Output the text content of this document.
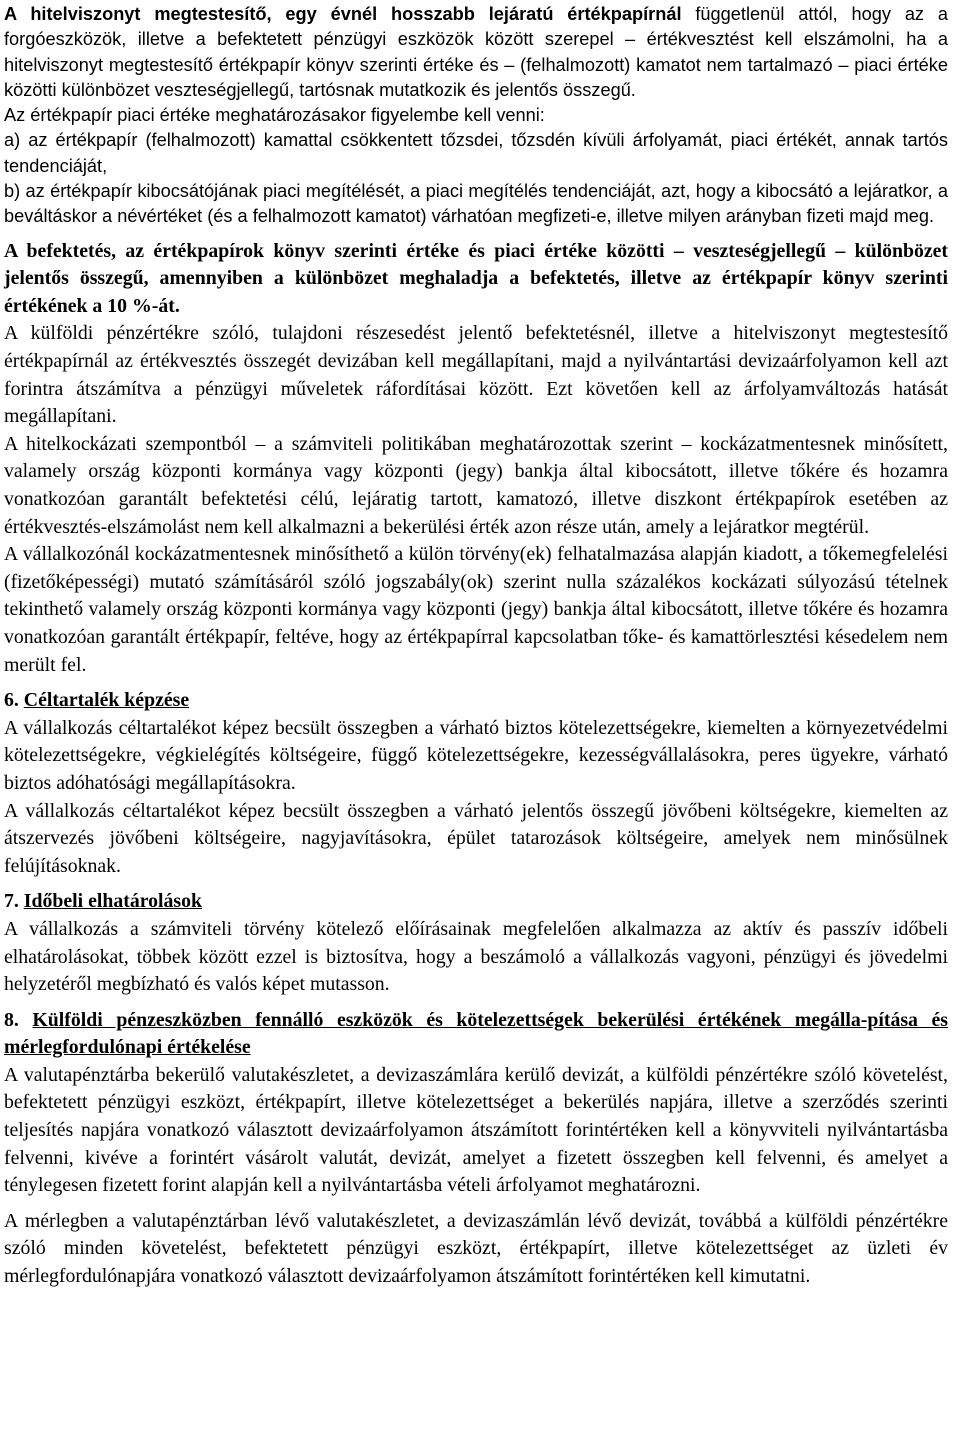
A hitelviszonyt megtestesítő, egy évnél hosszabb lejáratú értékpapírnál függetlenül attól, hogy az a forgóeszközök, illetve a befektetett pénzügyi eszközök között szerepel – értékvesztést kell elszámolni, ha a hitelviszonyt megtestesítő értékpapír könyv szerinti értéke és – (felhalmozott) kamatot nem tartalmazó – piaci értéke közötti különbözet veszteségjellegű, tartósnak mutatkozik és jelentős összegű.

Az értékpapír piaci értéke meghatározásakor figyelembe kell venni:

a) az értékpapír (felhalmozott) kamattal csökkentett tőzsdei, tőzsdén kívüli árfolyamát, piaci értékét, annak tartós tendenciáját,

b) az értékpapír kibocsátójának piaci megítélését, a piaci megítélés tendenciáját, azt, hogy a kibocsátó a lejáratkor, a beváltáskor a névértéket (és a felhalmozott kamatot) várhatóan megfizeti-e, illetve milyen arányban fizeti majd meg.

A befektetés, az értékpapírok könyv szerinti értéke és piaci értéke közötti – veszteségjellegű – különbözet jelentős összegű, amennyiben a különbözet meghaladja a befektetés, illetve az értékpapír könyv szerinti értékének a 10 %-át.

A külföldi pénzértékre szóló, tulajdoni részesedést jelentő befektetésnél, illetve a hitelviszonyt megtestesítő értékpapírnál az értékvesztés összegét devizában kell megállapítani, majd a nyilvántartási devizaárfolyamon kell azt forintra átszámítva a pénzügyi műveletek ráfordításai között. Ezt követően kell az árfolyamváltozás hatását megállapítani.

A hitelkockázati szempontból – a számviteli politikában meghatározottak szerint – kockázatmentesnek minősített, valamely ország központi kormánya vagy központi (jegy) bankja által kibocsátott, illetve tőkére és hozamra vonatkozóan garantált befektetési célú, lejáratig tartott, kamatozó, illetve diszkont értékpapírok esetében az értékvesztés-elszámolást nem kell alkalmazni a bekerülési érték azon része után, amely a lejáratkor megtérül.

A vállalkozónál kockázatmentesnek minősíthető a külön törvény(ek) felhatalmazása alapján kiadott, a tőkemegfelelési (fizetőképességi) mutató számításáról szóló jogszabály(ok) szerint nulla százalékos kockázati súlyozású tételnek tekinthető valamely ország központi kormánya vagy központi (jegy) bankja által kibocsátott, illetve tőkére és hozamra vonatkozóan garantált értékpapír, feltéve, hogy az értékpapírral kapcsolatban tőke- és kamattörlesztési késedelem nem merült fel.

6. Céltartalék képzése

A vállalkozás céltartalékot képez becsült összegben a várható biztos kötelezettségekre, kiemelten a környezetvédelmi kötelezettségekre, végkielégítés költségeire, függő kötelezettségekre, kezességvállalásokra, peres ügyekre, várható biztos adóhatósági megállapításokra.

A vállalkozás céltartalékot képez becsült összegben a várható jelentős összegű jövőbeni költségekre, kiemelten az átszervezés jövőbeni költségeire, nagyjavításokra, épület tatarozások költségeire, amelyek nem minősülnek felújításoknak.

7. Időbeli elhatárolások

A vállalkozás a számviteli törvény kötelező előírásainak megfelelően alkalmazza az aktív és passzív időbeli elhatárolásokat, többek között ezzel is biztosítva, hogy a beszámoló a vállalkozás vagyoni, pénzügyi és jövedelmi helyzetéről megbízható és valós képet mutasson.

8. Külföldi pénzeszközben fennálló eszközök és kötelezettségek bekerülési értékének megálla-pítása és mérlegfordulónapi értékelése

A valutapénztárba bekerülő valutakészletet, a devizaszámlára kerülő devizát, a külföldi pénzértékre szóló követelést, befektetett pénzügyi eszközt, értékpapírt, illetve kötelezettséget a bekerülés napjára, illetve a szerződés szerinti teljesítés napjára vonatkozó választott devizaárfolyamon átszámított forintértéken kell a könyvviteli nyilvántartásba felvenni, kivéve a forintért vásárolt valutát, devizát, amelyet a fizetett összegben kell felvenni, és amelyet a ténylegesen fizetett forint alapján kell a nyilvántartásba vételi árfolyamot meghatározni.

A mérlegben a valutapénztárban lévő valutakészletet, a devizaszámlán lévő devizát, továbbá a külföldi pénzértékre szóló minden követelést, befektetett pénzügyi eszközt, értékpapírt, illetve kötelezettséget az üzleti év mérlegfordulónapjára vonatkozó választott devizaárfolyamon átszámított forintértéken kell kimutatni.
